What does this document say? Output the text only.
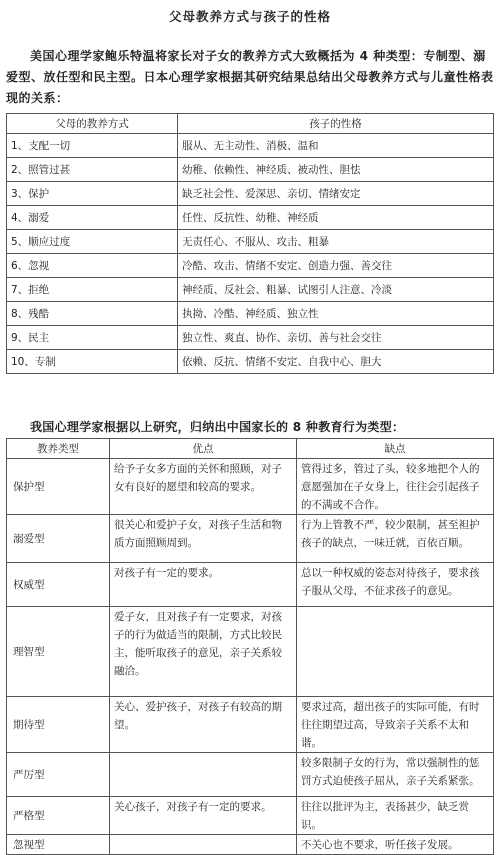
父母教养方式与孩子的性格
美国心理学家鲍乐特温将家长对子女的教养方式大致概括为 4 种类型：专制型、溺爱型、放任型和民主型。日本心理学家根据其研究结果总结出父母教养方式与儿童性格表现的关系：
父母的教养方式	孩子的性格
1、支配一切	服从、无主动性、消极、温和
2、照管过甚	幼稚、依赖性、神经质、被动性、胆怯
3、保护	缺乏社会性、爱深思、亲切、情绪安定
4、溺爱	任性、反抗性、幼稚、神经质
5、顺应过度	无责任心、不服从、攻击、粗暴
6、忽视	冷酷、攻击、情绪不安定、创造力强、善交往
7、拒绝	神经质、反社会、粗暴、试图引人注意、冷淡
8、残酷	执拗、冷酷、神经质、独立性
9、民主	独立性、爽直、协作、亲切、善与社会交往
10、专制	依赖、反抗、情绪不安定、自我中心、胆大
我国心理学家根据以上研究，归纳出中国家长的 8 种教育行为类型：
教养类型	优点	缺点
保护型	给予子女多方面的关怀和照顾，对子女有良好的愿望和较高的要求。	管得过多，管过了头，较多地把个人的意愿强加在子女身上，往往会引起孩子的不满或不合作。
溺爱型	很关心和爱护子女，对孩子生活和物质方面照顾周到。	行为上管教不严，较少限制，甚至袒护孩子的缺点，一味迁就，百依百顺。
权威型	对孩子有一定的要求。	总以一种权威的姿态对待孩子，要求孩子服从父母，不征求孩子的意见。
理智型	爱子女，且对孩子有一定要求，对孩子的行为做适当的限制，方式比较民主，能听取孩子的意见，亲子关系较融洽。	
期待型	关心、爱护孩子，对孩子有较高的期望。	要求过高，超出孩子的实际可能，有时往往期望过高，导致亲子关系不太和谐。
严厉型		较多限制子女的行为，常以强制性的惩罚方式迫使孩子屈从，亲子关系紧张。
严格型	关心孩子，对孩子有一定的要求。	往往以批评为主，表扬甚少，缺乏赏识。
忽视型		不关心也不要求，听任孩子发展。
